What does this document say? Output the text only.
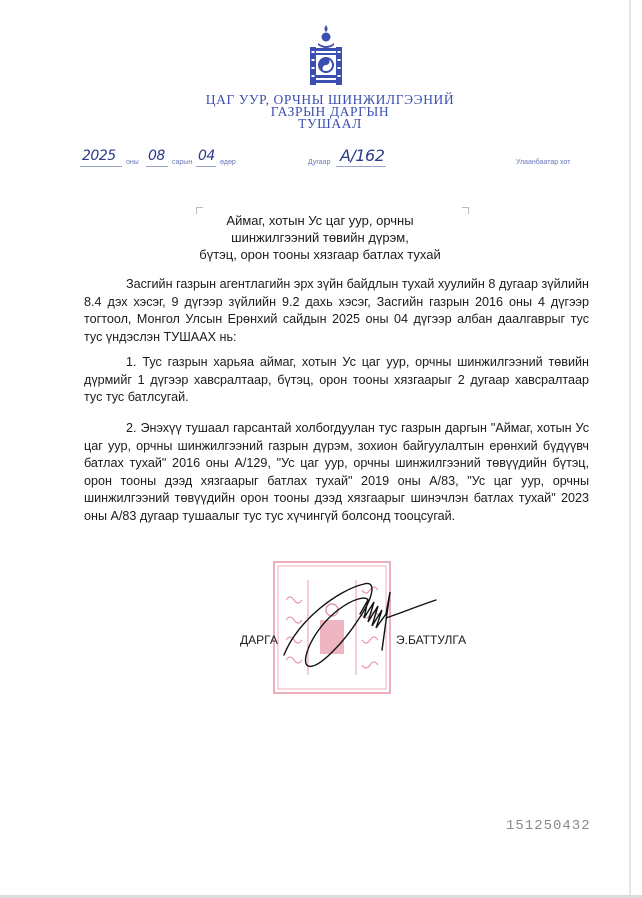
ЦАГ УУР, ОРЧНЫ ШИНЖИЛГЭЭНИЙ
ГАЗРЫН ДАРГЫН
ТУШААЛ
2025 оны 08 сарын 04 өдөр	Дугаар А/162	Улаанбаатар хот
Аймаг, хотын Ус цаг уур, орчны
шинжилгээний төвийн дүрэм,
бүтэц, орон тооны хязгаар батлах тухай
Засгийн газрын агентлагийн эрх зүйн байдлын тухай хуулийн 8 дугаар зүйлийн 8.4 дэх хэсэг, 9 дүгээр зүйлийн 9.2 дахь хэсэг, Засгийн газрын 2016 оны 4 дүгээр тогтоол, Монгол Улсын Ерөнхий сайдын 2025 оны 04 дүгээр албан даалгаврыг тус тус үндэслэн ТУШААХ нь:
1. Тус газрын харьяа аймаг, хотын Ус цаг уур, орчны шинжилгээний төвийн дүрмийг 1 дүгээр хавсралтаар, бүтэц, орон тооны хязгаарыг 2 дугаар хавсралтаар тус тус батлсугай.
2. Энэхүү тушаал гарсантай холбогдуулан тус газрын даргын "Аймаг, хотын Ус цаг уур, орчны шинжилгээний газрын дүрэм, зохион байгуулалтын ерөнхий бүдүүвч батлах тухай" 2016 оны А/129, "Ус цаг уур, орчны шинжилгээний төвүүдийн бүтэц, орон тооны дээд хязгаарыг батлах тухай" 2019 оны А/83, "Ус цаг уур, орчны шинжилгээний төвүүдийн орон тооны дээд хязгаарыг шинэчлэн батлах тухай" 2023 оны А/83 дугаар тушаалыг тус тус хүчингүй болсонд тооцсугай.
ДАРГА	Э.БАТТУЛГА
151250432
